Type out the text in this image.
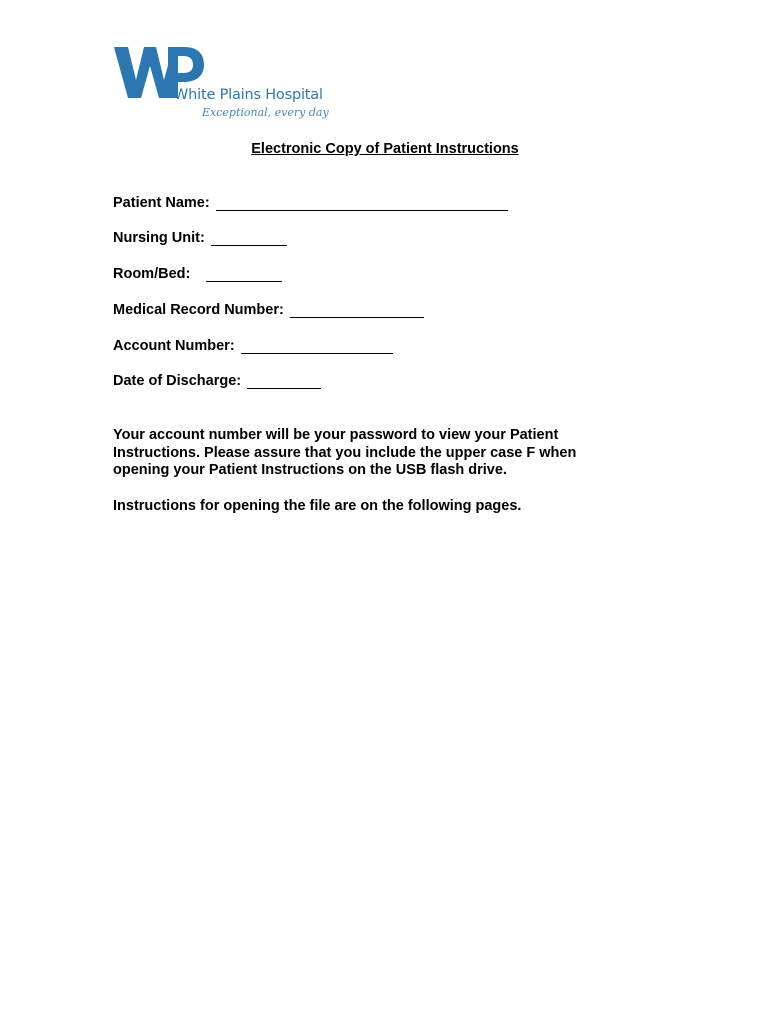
White Plains Hospital
Exceptional, every day
Electronic Copy of Patient Instructions
Patient Name:
Nursing Unit:
Room/Bed:
Medical Record Number:
Account Number:
Date of Discharge:

Your account number will be your password to view your Patient Instructions. Please assure that you include the upper case F when opening your Patient Instructions on the USB flash drive.

Instructions for opening the file are on the following pages.
